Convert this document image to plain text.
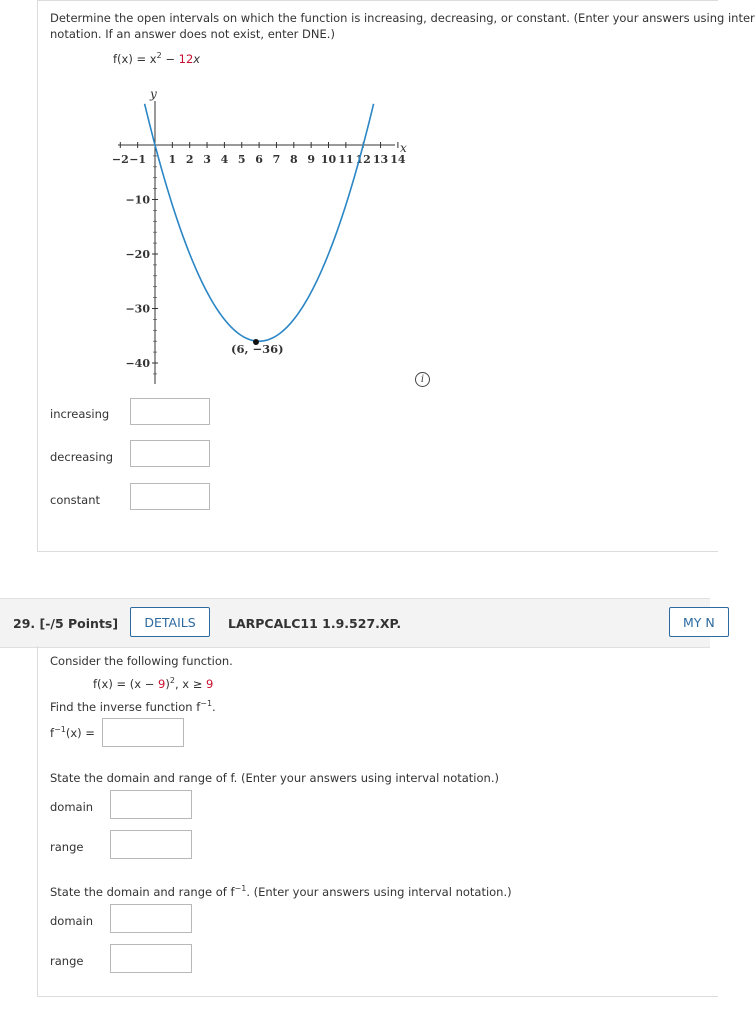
Determine the open intervals on which the function is increasing, decreasing, or constant. (Enter your answers using inter
notation. If an answer does not exist, enter DNE.)
$f(x) = x^2 - 12x$
−2 −1 1 2 3 4 5 6 7 8 9 10 11 12 13 14
−10
−20
−30
−40
y
x
(6, −36)
i
increasing
decreasing
constant
29. [-/5 Points]	DETAILS	LARPCALC11 1.9.527.XP.	MY N
Consider the following function.
$f(x) = (x - 9)^2$, x ≥ 9
Find the inverse function $f^{-1}$.
$f^{-1}(x)$ =
State the domain and range of f. (Enter your answers using interval notation.)
domain
range
State the domain and range of $f^{-1}$. (Enter your answers using interval notation.)
domain
range
